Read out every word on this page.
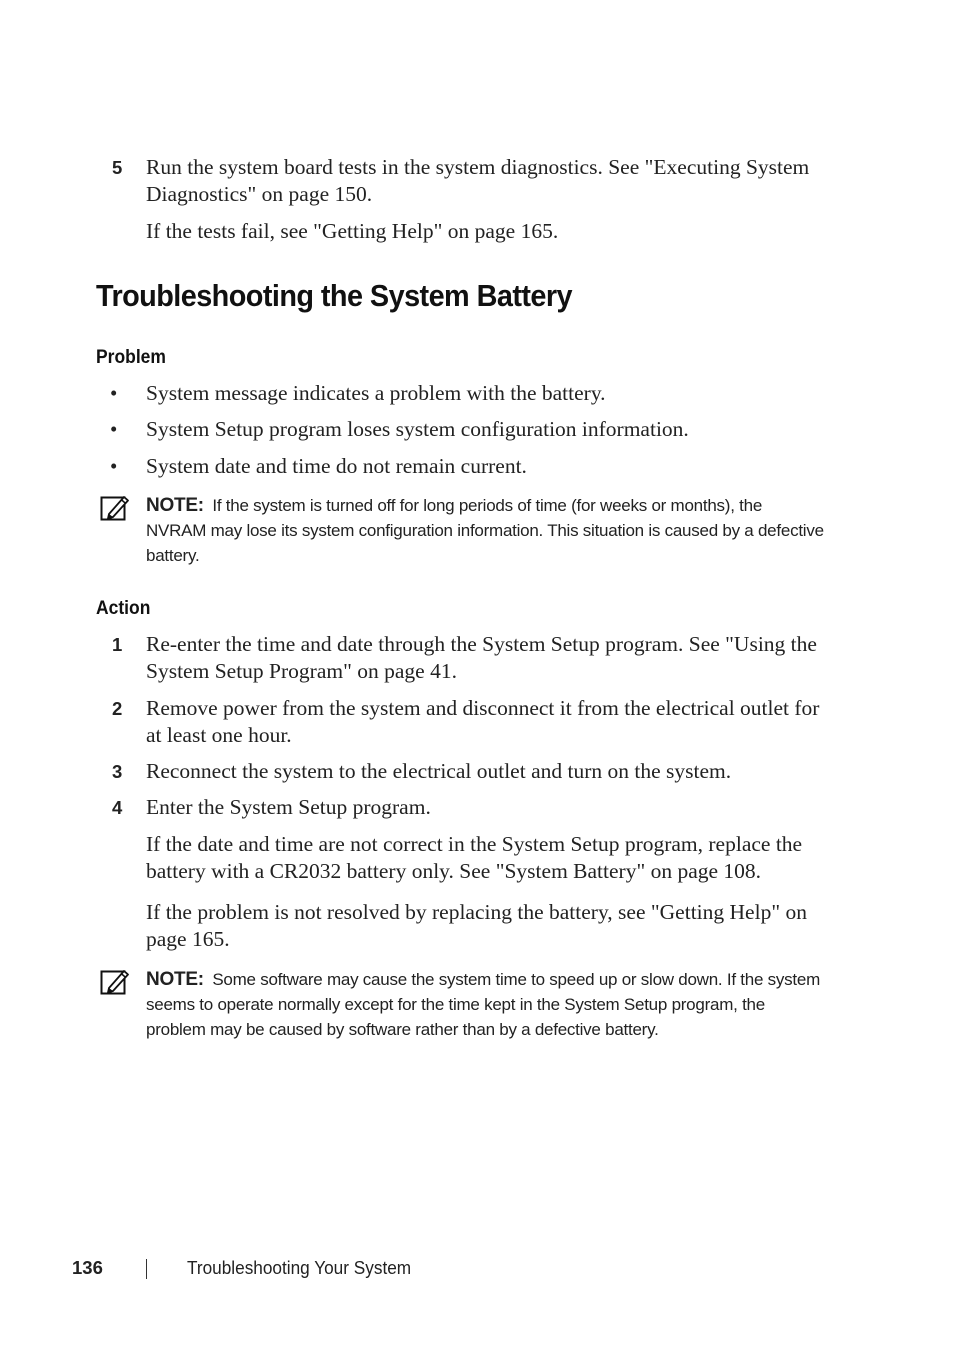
5 Run the system board tests in the system diagnostics. See "Executing System Diagnostics" on page 150.
If the tests fail, see "Getting Help" on page 165.
Troubleshooting the System Battery
Problem
• System message indicates a problem with the battery.
• System Setup program loses system configuration information.
• System date and time do not remain current.
NOTE: If the system is turned off for long periods of time (for weeks or months), the NVRAM may lose its system configuration information. This situation is caused by a defective battery.
Action
1 Re-enter the time and date through the System Setup program. See "Using the System Setup Program" on page 41.
2 Remove power from the system and disconnect it from the electrical outlet for at least one hour.
3 Reconnect the system to the electrical outlet and turn on the system.
4 Enter the System Setup program.
If the date and time are not correct in the System Setup program, replace the battery with a CR2032 battery only. See "System Battery" on page 108.
If the problem is not resolved by replacing the battery, see "Getting Help" on page 165.
NOTE: Some software may cause the system time to speed up or slow down. If the system seems to operate normally except for the time kept in the System Setup program, the problem may be caused by software rather than by a defective battery.
136	Troubleshooting Your System
